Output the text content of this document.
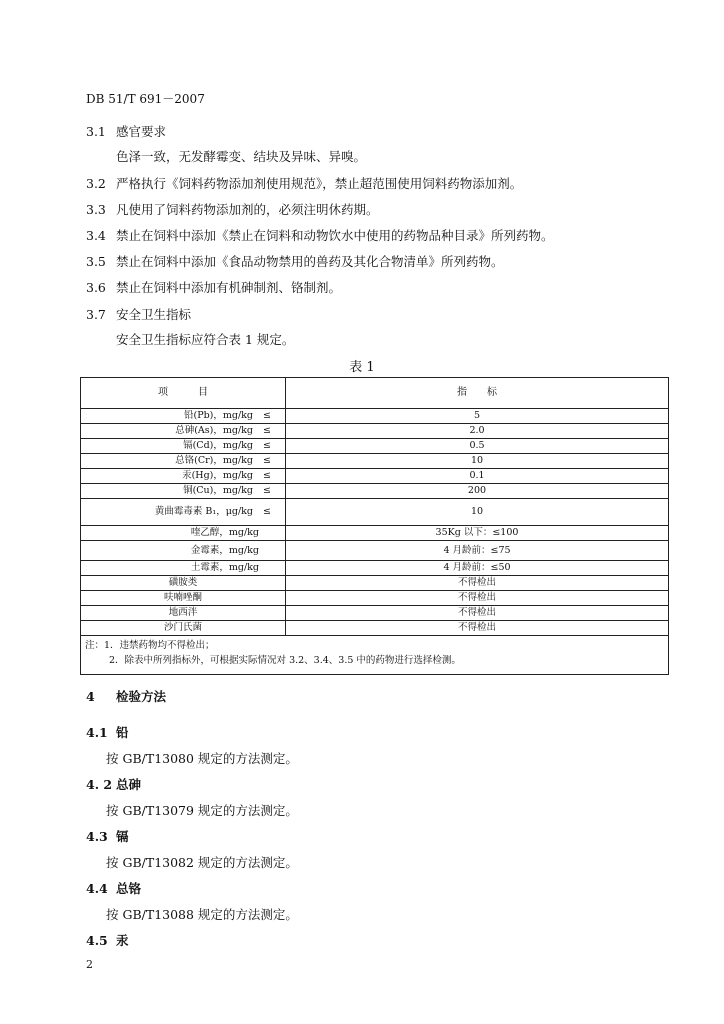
DB 51/T 691－2007
3.1 感官要求
色泽一致，无发酵霉变、结块及异味、异嗅。
3.2 严格执行《饲料药物添加剂使用规范》，禁止超范围使用饲料药物添加剂。
3.3 凡使用了饲料药物添加剂的，必须注明休药期。
3.4 禁止在饲料中添加《禁止在饲料和动物饮水中使用的药物品种目录》所列药物。
3.5 禁止在饲料中添加《食品动物禁用的兽药及其化合物清单》所列药物。
3.6 禁止在饲料中添加有机砷制剂、铬制剂。
3.7 安全卫生指标
安全卫生指标应符合表 1 规定。
表 1
项　　　目		指　　标
铅(Pb)，mg/kg	≤	5
总砷(As)，mg/kg	≤	2.0
镉(Cd)，mg/kg	≤	0.5
总铬(Cr)，mg/kg	≤	10
汞(Hg)，mg/kg	≤	0.1
铜(Cu)，mg/kg	≤	200
黄曲霉毒素 B₁，μg/kg	≤	10
喹乙醇，mg/kg		35Kg 以下：≤100
金霉素，mg/kg		4 月龄前：≤75
土霉素，mg/kg		4 月龄前：≤50
磺胺类		不得检出
呋喃唑酮		不得检出
地西泮		不得检出
沙门氏菌		不得检出

注：1．违禁药物均不得检出；
2．除表中所列指标外，可根据实际情况对 3.2、3.4、3.5 中的药物进行选择检测。		
4 检验方法
4.1 铅
按 GB/T13080 规定的方法测定。
4. 2 总砷
按 GB/T13079 规定的方法测定。
4.3 镉
按 GB/T13082 规定的方法测定。
4.4 总铬
按 GB/T13088 规定的方法测定。
4.5 汞
2
